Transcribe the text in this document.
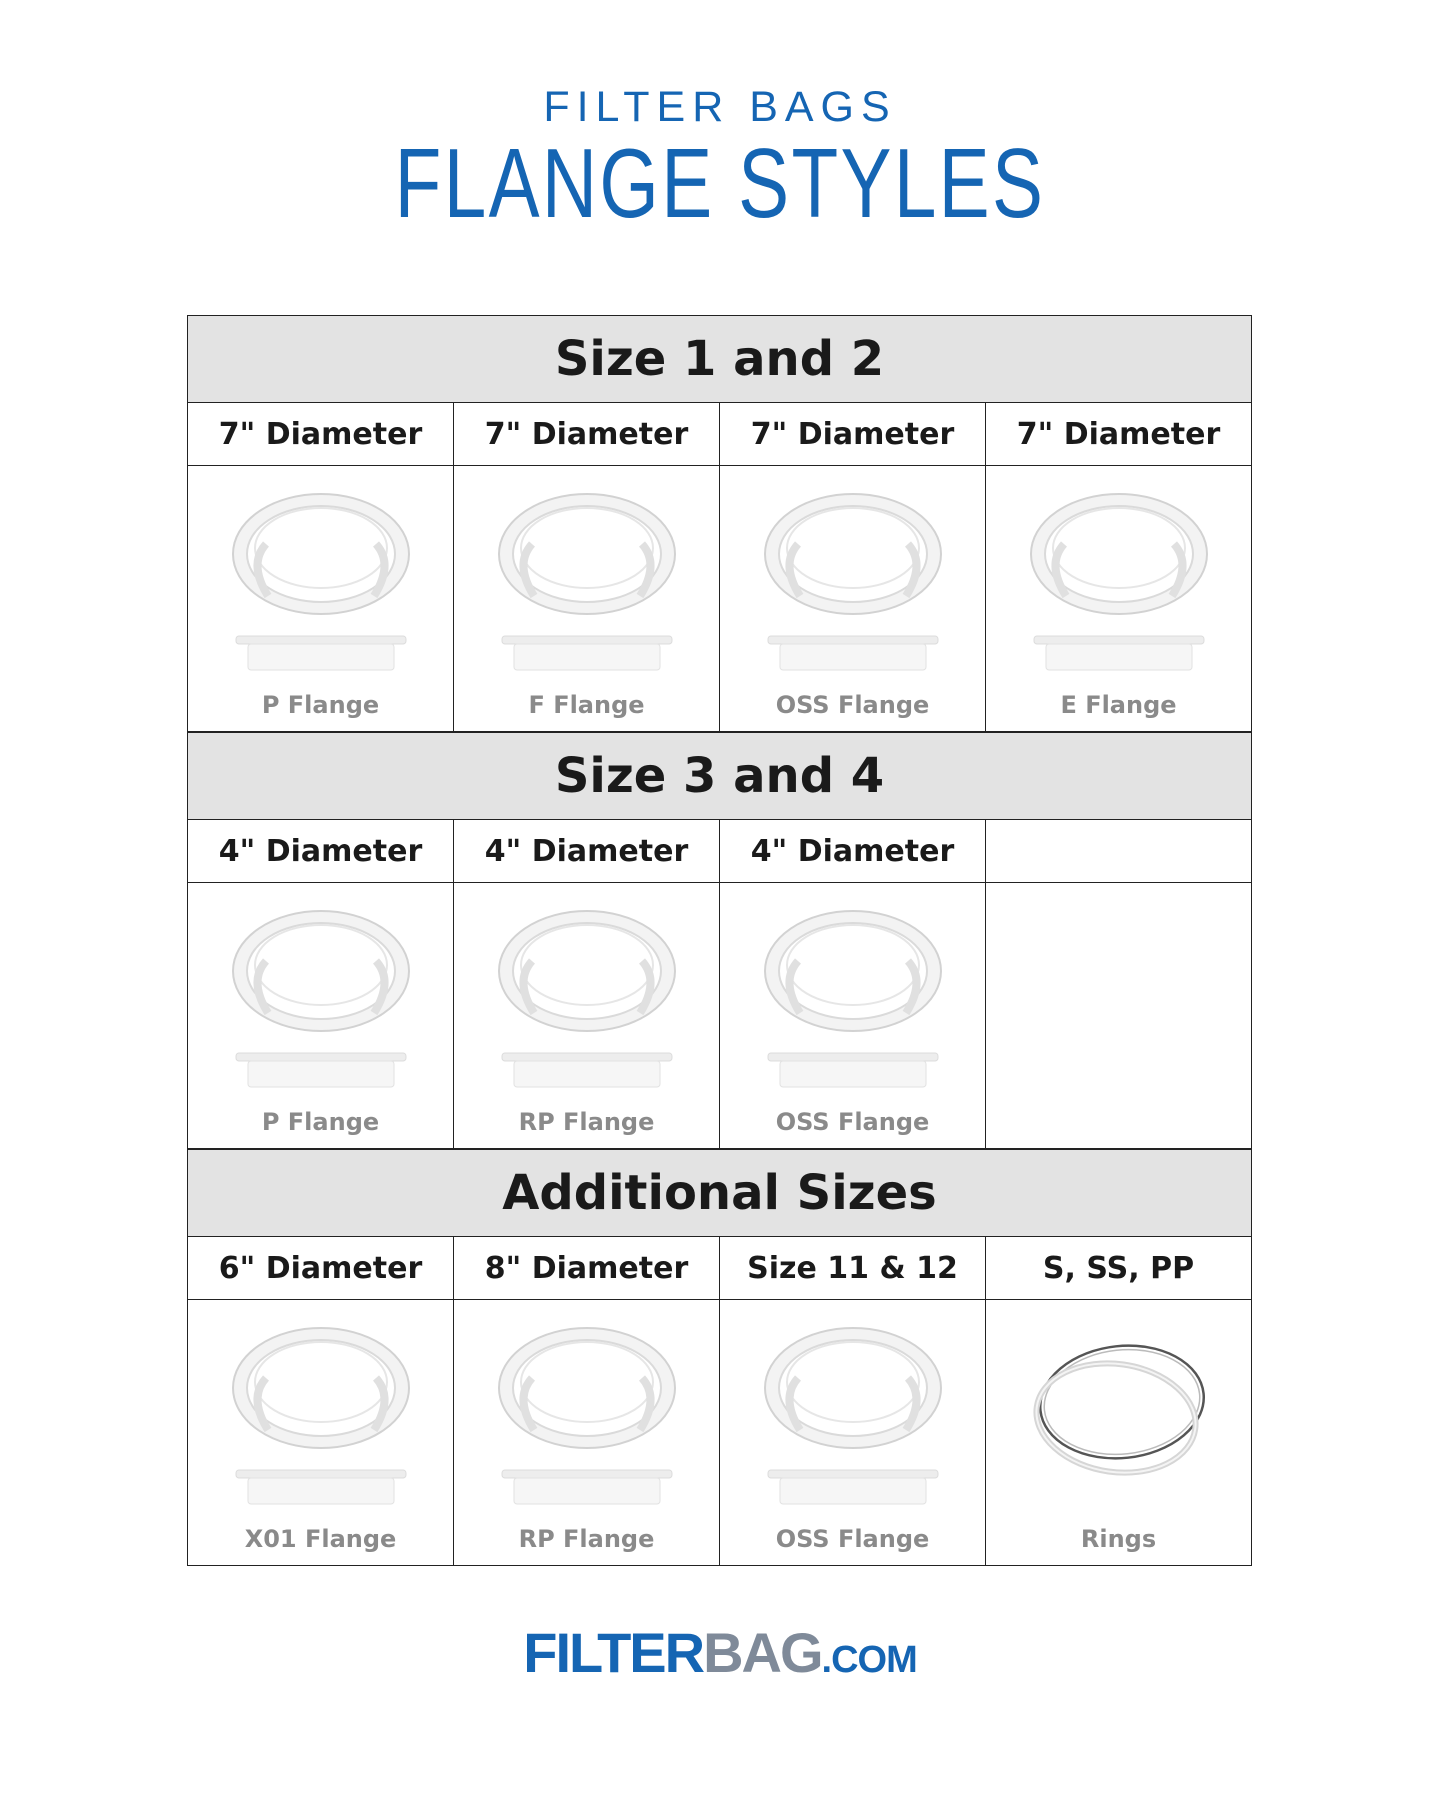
FILTER BAGS
FLANGE STYLES
Size 1 and 2
7" Diameter	7" Diameter	7" Diameter	7" Diameter
P Flange	F Flange	OSS Flange	E Flange
Size 3 and 4
4" Diameter	4" Diameter	4" Diameter
P Flange	RP Flange	OSS Flange
Additional Sizes
6" Diameter	8" Diameter	Size 11 & 12	S, SS, PP
X01 Flange	RP Flange	OSS Flange	Rings
FILTERBAG.COM
